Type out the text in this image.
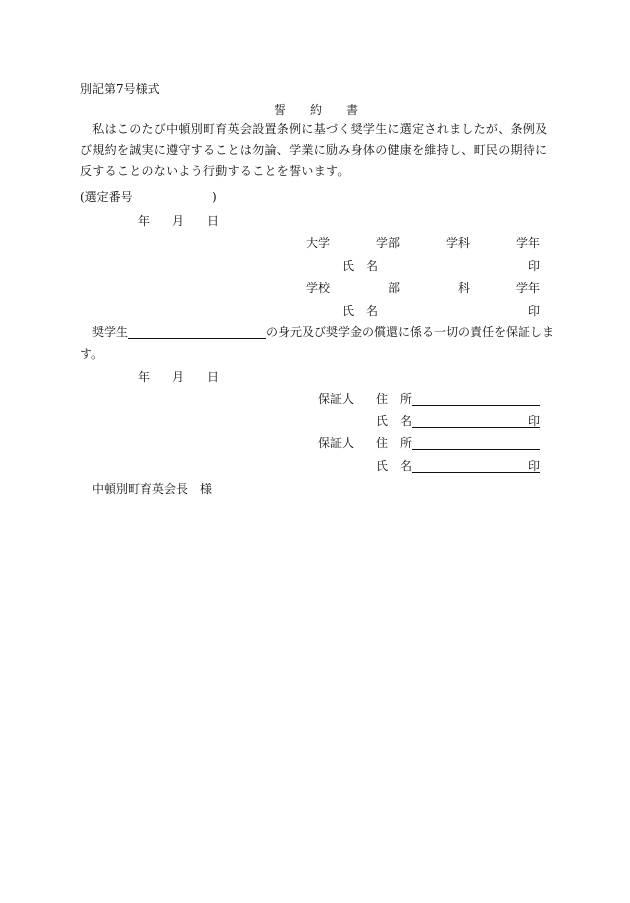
別記第7号様式
誓　　約　　書
　私はこのたび中頓別町育英会設置条例に基づく奨学生に選定されましたが、条例及び規約を誠実に遵守することは勿論、学業に励み身体の健康を維持し、町民の期待に反することのないよう行動することを誓います。
(選定番号	)
年 月 日
大学	学部	学科	学年
氏　名	印
学校	部	科	学年
氏　名	印
奨学生	の身元及び奨学金の償還に係る一切の責任を保証しま
す。
年 月 日
保証人 住　所
氏　名	印
保証人 住　所
氏　名	印
中頓別町育英会長　様
